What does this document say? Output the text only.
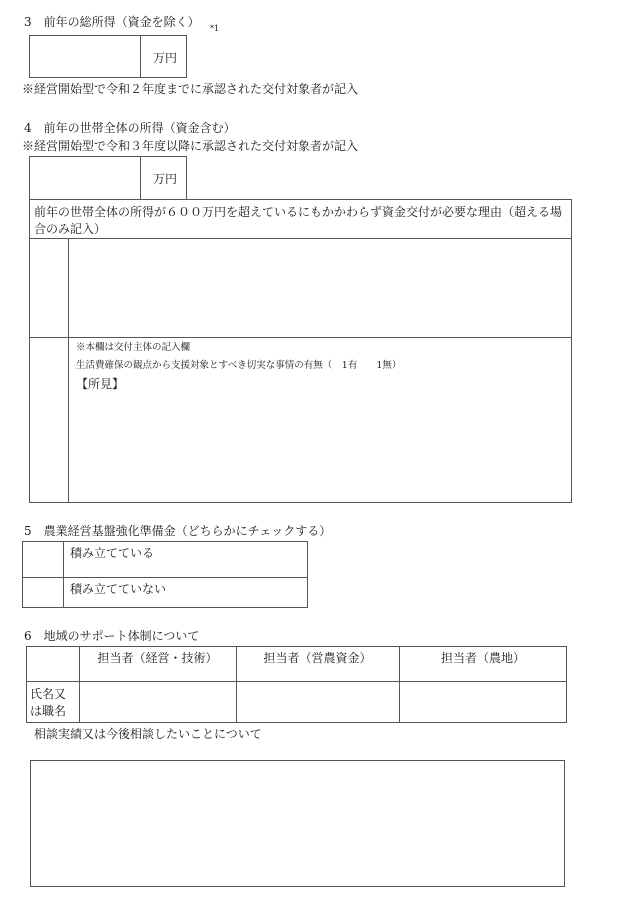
3　前年の総所得（資金を除く） *1
万円
※経営開始型で令和２年度までに承認された交付対象者が記入
4　前年の世帯全体の所得（資金含む）
※経営開始型で令和３年度以降に承認された交付対象者が記入
万円
前年の世帯全体の所得が６００万円を超えているにもかかわらず資金交付が必要な理由（超える場
合のみ記入）
※本欄は交付主体の記入欄
生活費確保の観点から支援対象とすべき切実な事情の有無（　1有　　1無）
【所見】
5　農業経営基盤強化準備金（どちらかにチェックする）
積み立てている
積み立てていない
6　地域のサポート体制について
担当者（経営・技術）	担当者（営農資金）	担当者（農地）
氏名又
は職名
相談実績又は今後相談したいことについて
